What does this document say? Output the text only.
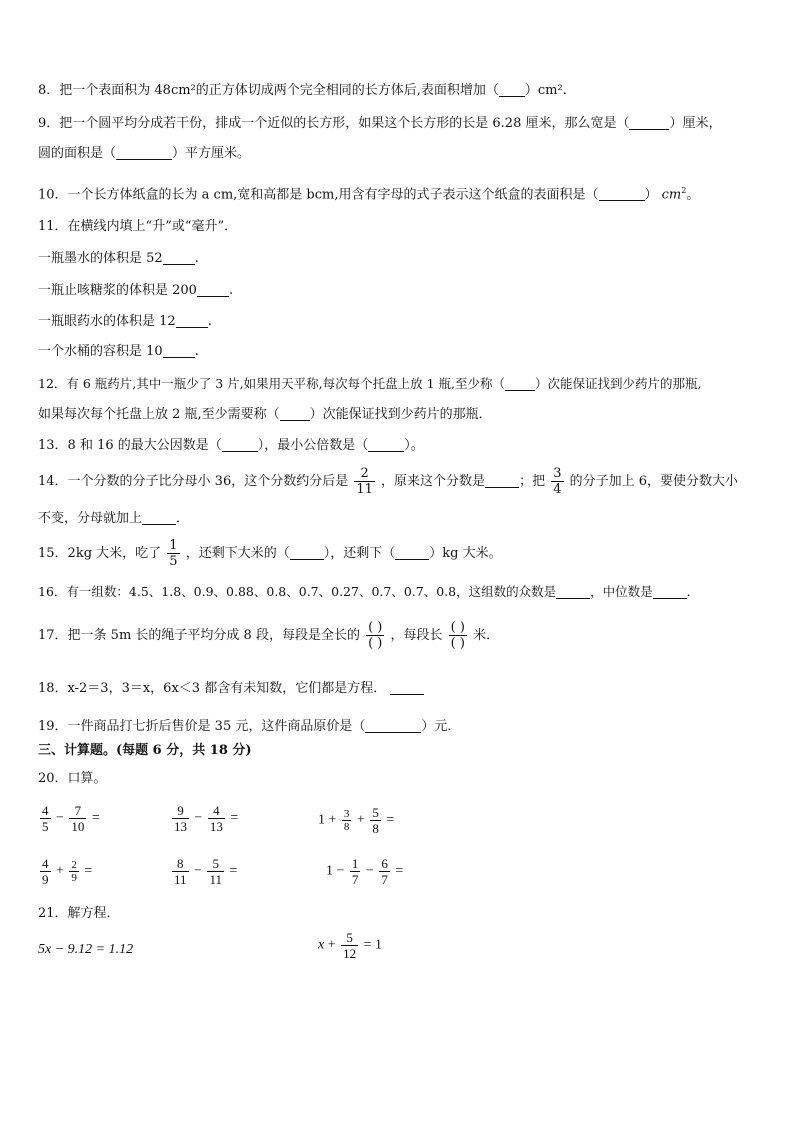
8．把一个表面积为 48cm²的正方体切成两个完全相同的长方体后,表面积增加（ ）cm².
9．把一个圆平均分成若干份，排成一个近似的长方形，如果这个长方形的长是 6.28 厘米，那么宽是（	）厘米，
圆的面积是（	）平方厘米。
10．一个长方体纸盒的长为 a cm,宽和高都是 bcm,用含有字母的式子表示这个纸盒的表面积是（	） $cm^2$。
11．在横线内填上“升”或“毫升”．
一瓶墨水的体积是 52 .
一瓶止咳糖浆的体积是 200 .
一瓶眼药水的体积是 12 .
一个水桶的容积是 10 .
12．有 6 瓶药片,其中一瓶少了 3 片,如果用天平称,每次每个托盘上放 1 瓶,至少称（ ）次能保证找到少药片的那瓶,
如果每次每个托盘上放 2 瓶,至少需要称（ ）次能保证找到少药片的那瓶．
13．8 和 16 的最大公因数是（	），最小公倍数是（	）。
14．一个分数的分子比分母小 36，这个分数约分后是 $\frac{2}{11}$ ，原来这个分数是	；把 $\frac{3}{4}$ 的分子加上 6，要使分数大小
不变，分母就加上	．
15．2kg 大米，吃了 $\frac{1}{5}$ ，还剩下大米的（	），还剩下（	）kg 大米。
16．有一组数：4.5、1.8、0.9、0.88、0.8、0.7、0.27、0.7、0.7、0.8，这组数的众数是	，中位数是	．
17．把一条 5m 长的绳子平均分成 8 段，每段是全长的 $\frac{( )}{( )}$ ，每段长 $\frac{( )}{( )}$ 米．
18．x-2＝3，3＝x，6x＜3 都含有未知数，它们都是方程．
19．一件商品打七折后售价是 35 元，这件商品原价是（	）元．
三、计算题。(每题 6 分，共 18 分)
20．口算。
$\frac{4}{5} - \frac{7}{10}$ =	$\frac{9}{13} - \frac{4}{13}$ =	$1 + \frac{3}{8} + \frac{5}{8}$ =
$\frac{4}{9} + \frac{2}{9}$ =	$\frac{8}{11} - \frac{5}{11}$ =	$1 - \frac{1}{7} - \frac{6}{7}$ =
21．解方程．
5x − 9.12 = 1.12	$x + \frac{5}{12} = 1$
